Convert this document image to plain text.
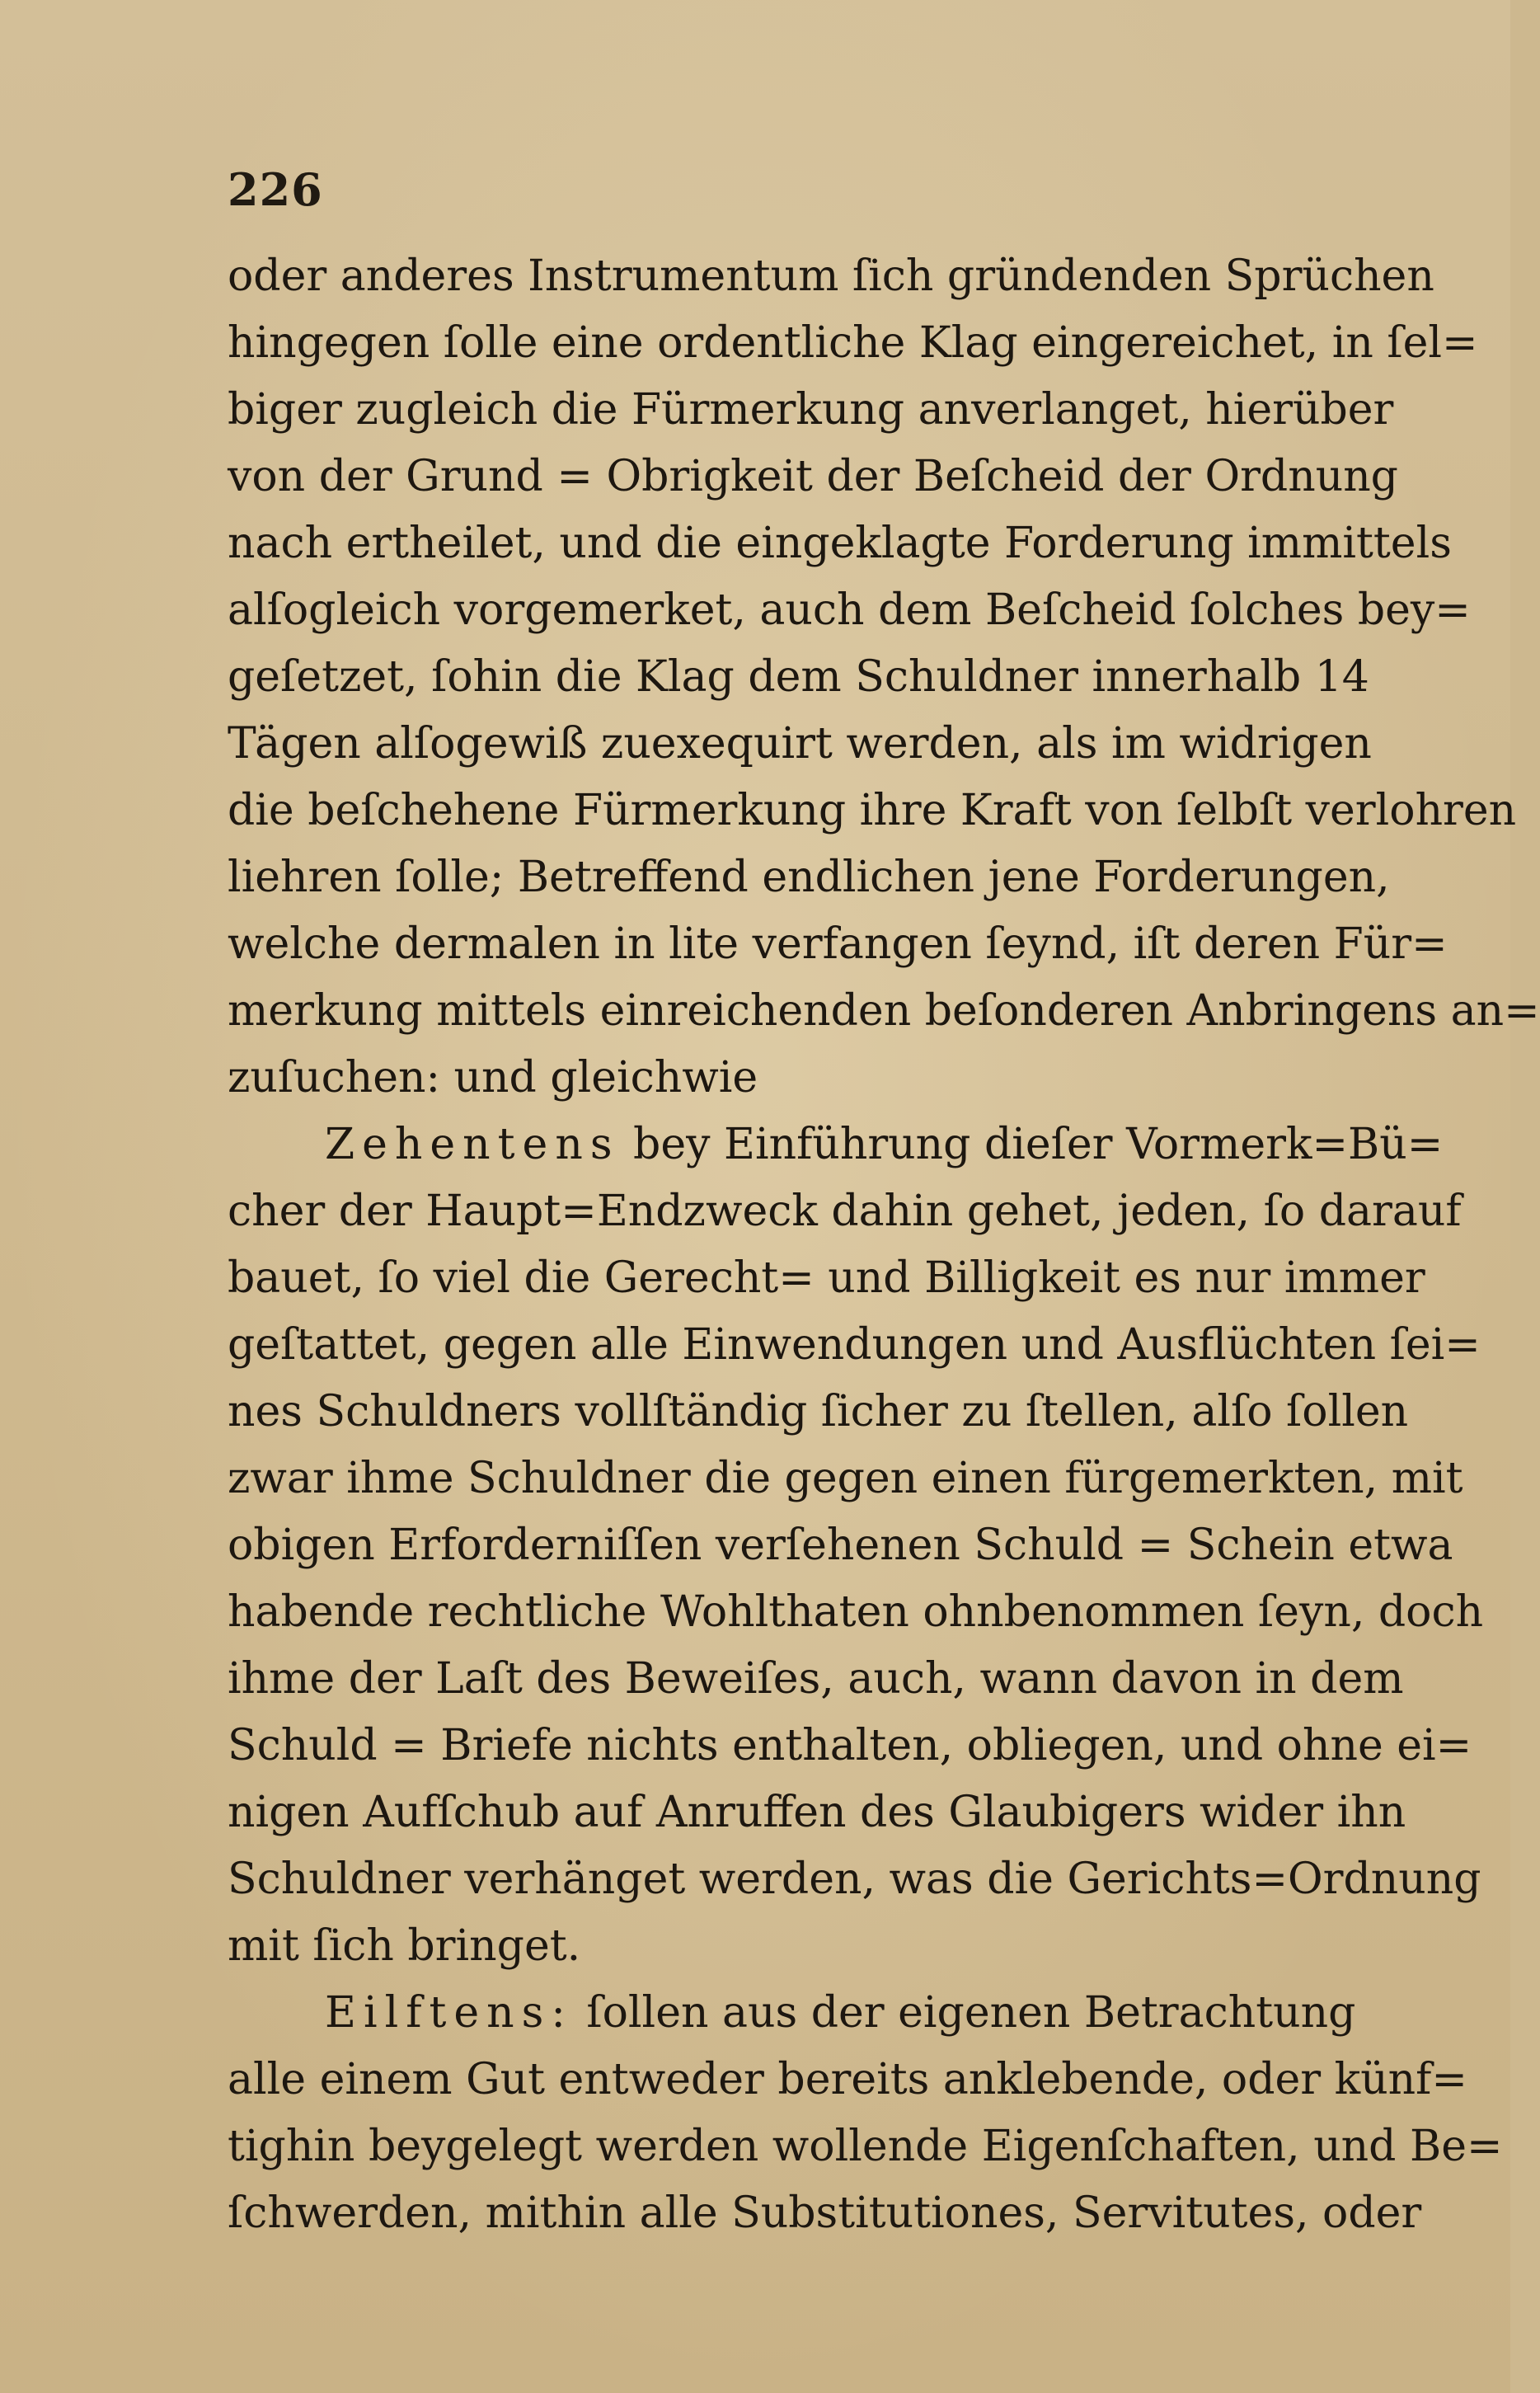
226
oder anderes Instrumentum ſich gründenden Sprüchen
hingegen ſolle eine ordentliche Klag eingereichet, in ſel=
biger zugleich die Fürmerkung anverlanget, hierüber
von der Grund = Obrigkeit der Beſcheid der Ordnung
nach ertheilet, und die eingeklagte Forderung immittels
alſogleich vorgemerket, auch dem Beſcheid ſolches bey=
geſetzet, ſohin die Klag dem Schuldner innerhalb 14
Tägen alſogewiß zuexequirt werden, als im widrigen
die beſchehene Fürmerkung ihre Kraft von ſelbſt verlohren
liehren ſolle; Betreffend endlichen jene Forderungen,
welche dermalen in lite verfangen ſeynd, iſt deren Für=
merkung mittels einreichenden beſonderen Anbringens an=
zuſuchen: und gleichwie
Zehentens bey Einführung dieſer Vormerk=Bü=
cher der Haupt=Endzweck dahin gehet, jeden, ſo darauf
bauet, ſo viel die Gerecht= und Billigkeit es nur immer
geſtattet, gegen alle Einwendungen und Ausflüchten ſei=
nes Schuldners vollſtändig ſicher zu ſtellen, alſo ſollen
zwar ihme Schuldner die gegen einen fürgemerkten, mit
obigen Erforderniſſen verſehenen Schuld = Schein etwa
habende rechtliche Wohlthaten ohnbenommen ſeyn, doch
ihme der Laſt des Beweiſes, auch, wann davon in dem
Schuld = Briefe nichts enthalten, obliegen, und ohne ei=
nigen Aufſchub auf Anruffen des Glaubigers wider ihn
Schuldner verhänget werden, was die Gerichts=Ordnung
mit ſich bringet.
Eilftens: ſollen aus der eigenen Betrachtung
alle einem Gut entweder bereits anklebende, oder künf=
tighin beygelegt werden wollende Eigenſchaften, und Be=
ſchwerden, mithin alle Substitutiones, Servitutes, oder
